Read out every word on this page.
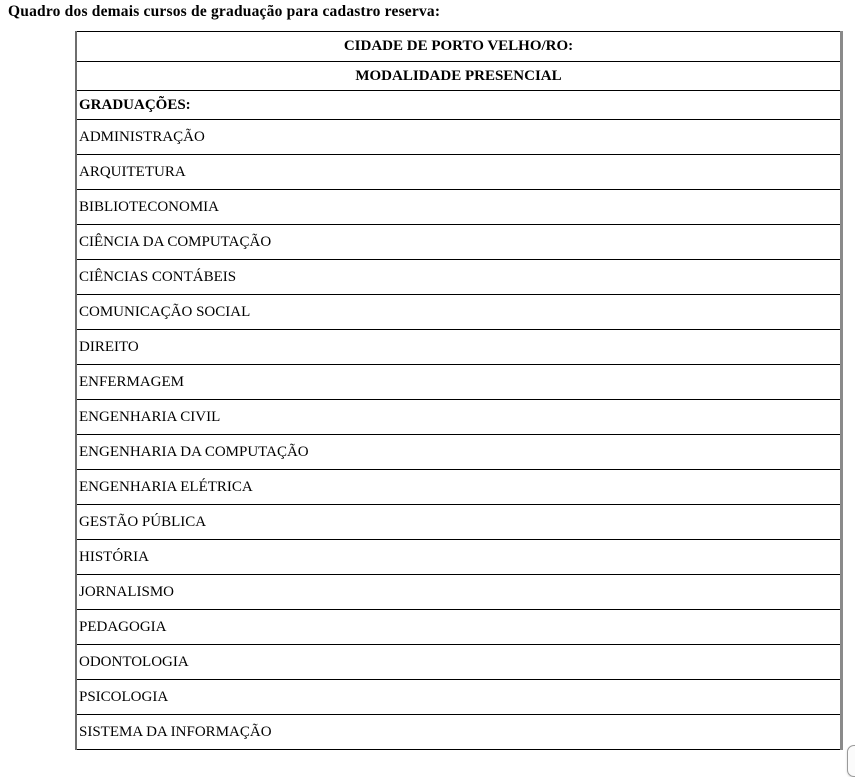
Quadro dos demais cursos de graduação para cadastro reserva:
CIDADE DE PORTO VELHO/RO:
MODALIDADE PRESENCIAL
GRADUAÇÕES:
ADMINISTRAÇÃO
ARQUITETURA
BIBLIOTECONOMIA
CIÊNCIA DA COMPUTAÇÃO
CIÊNCIAS CONTÁBEIS
COMUNICAÇÃO SOCIAL
DIREITO
ENFERMAGEM
ENGENHARIA CIVIL
ENGENHARIA DA COMPUTAÇÃO
ENGENHARIA ELÉTRICA
GESTÃO PÚBLICA
HISTÓRIA
JORNALISMO
PEDAGOGIA
ODONTOLOGIA
PSICOLOGIA
SISTEMA DA INFORMAÇÃO
